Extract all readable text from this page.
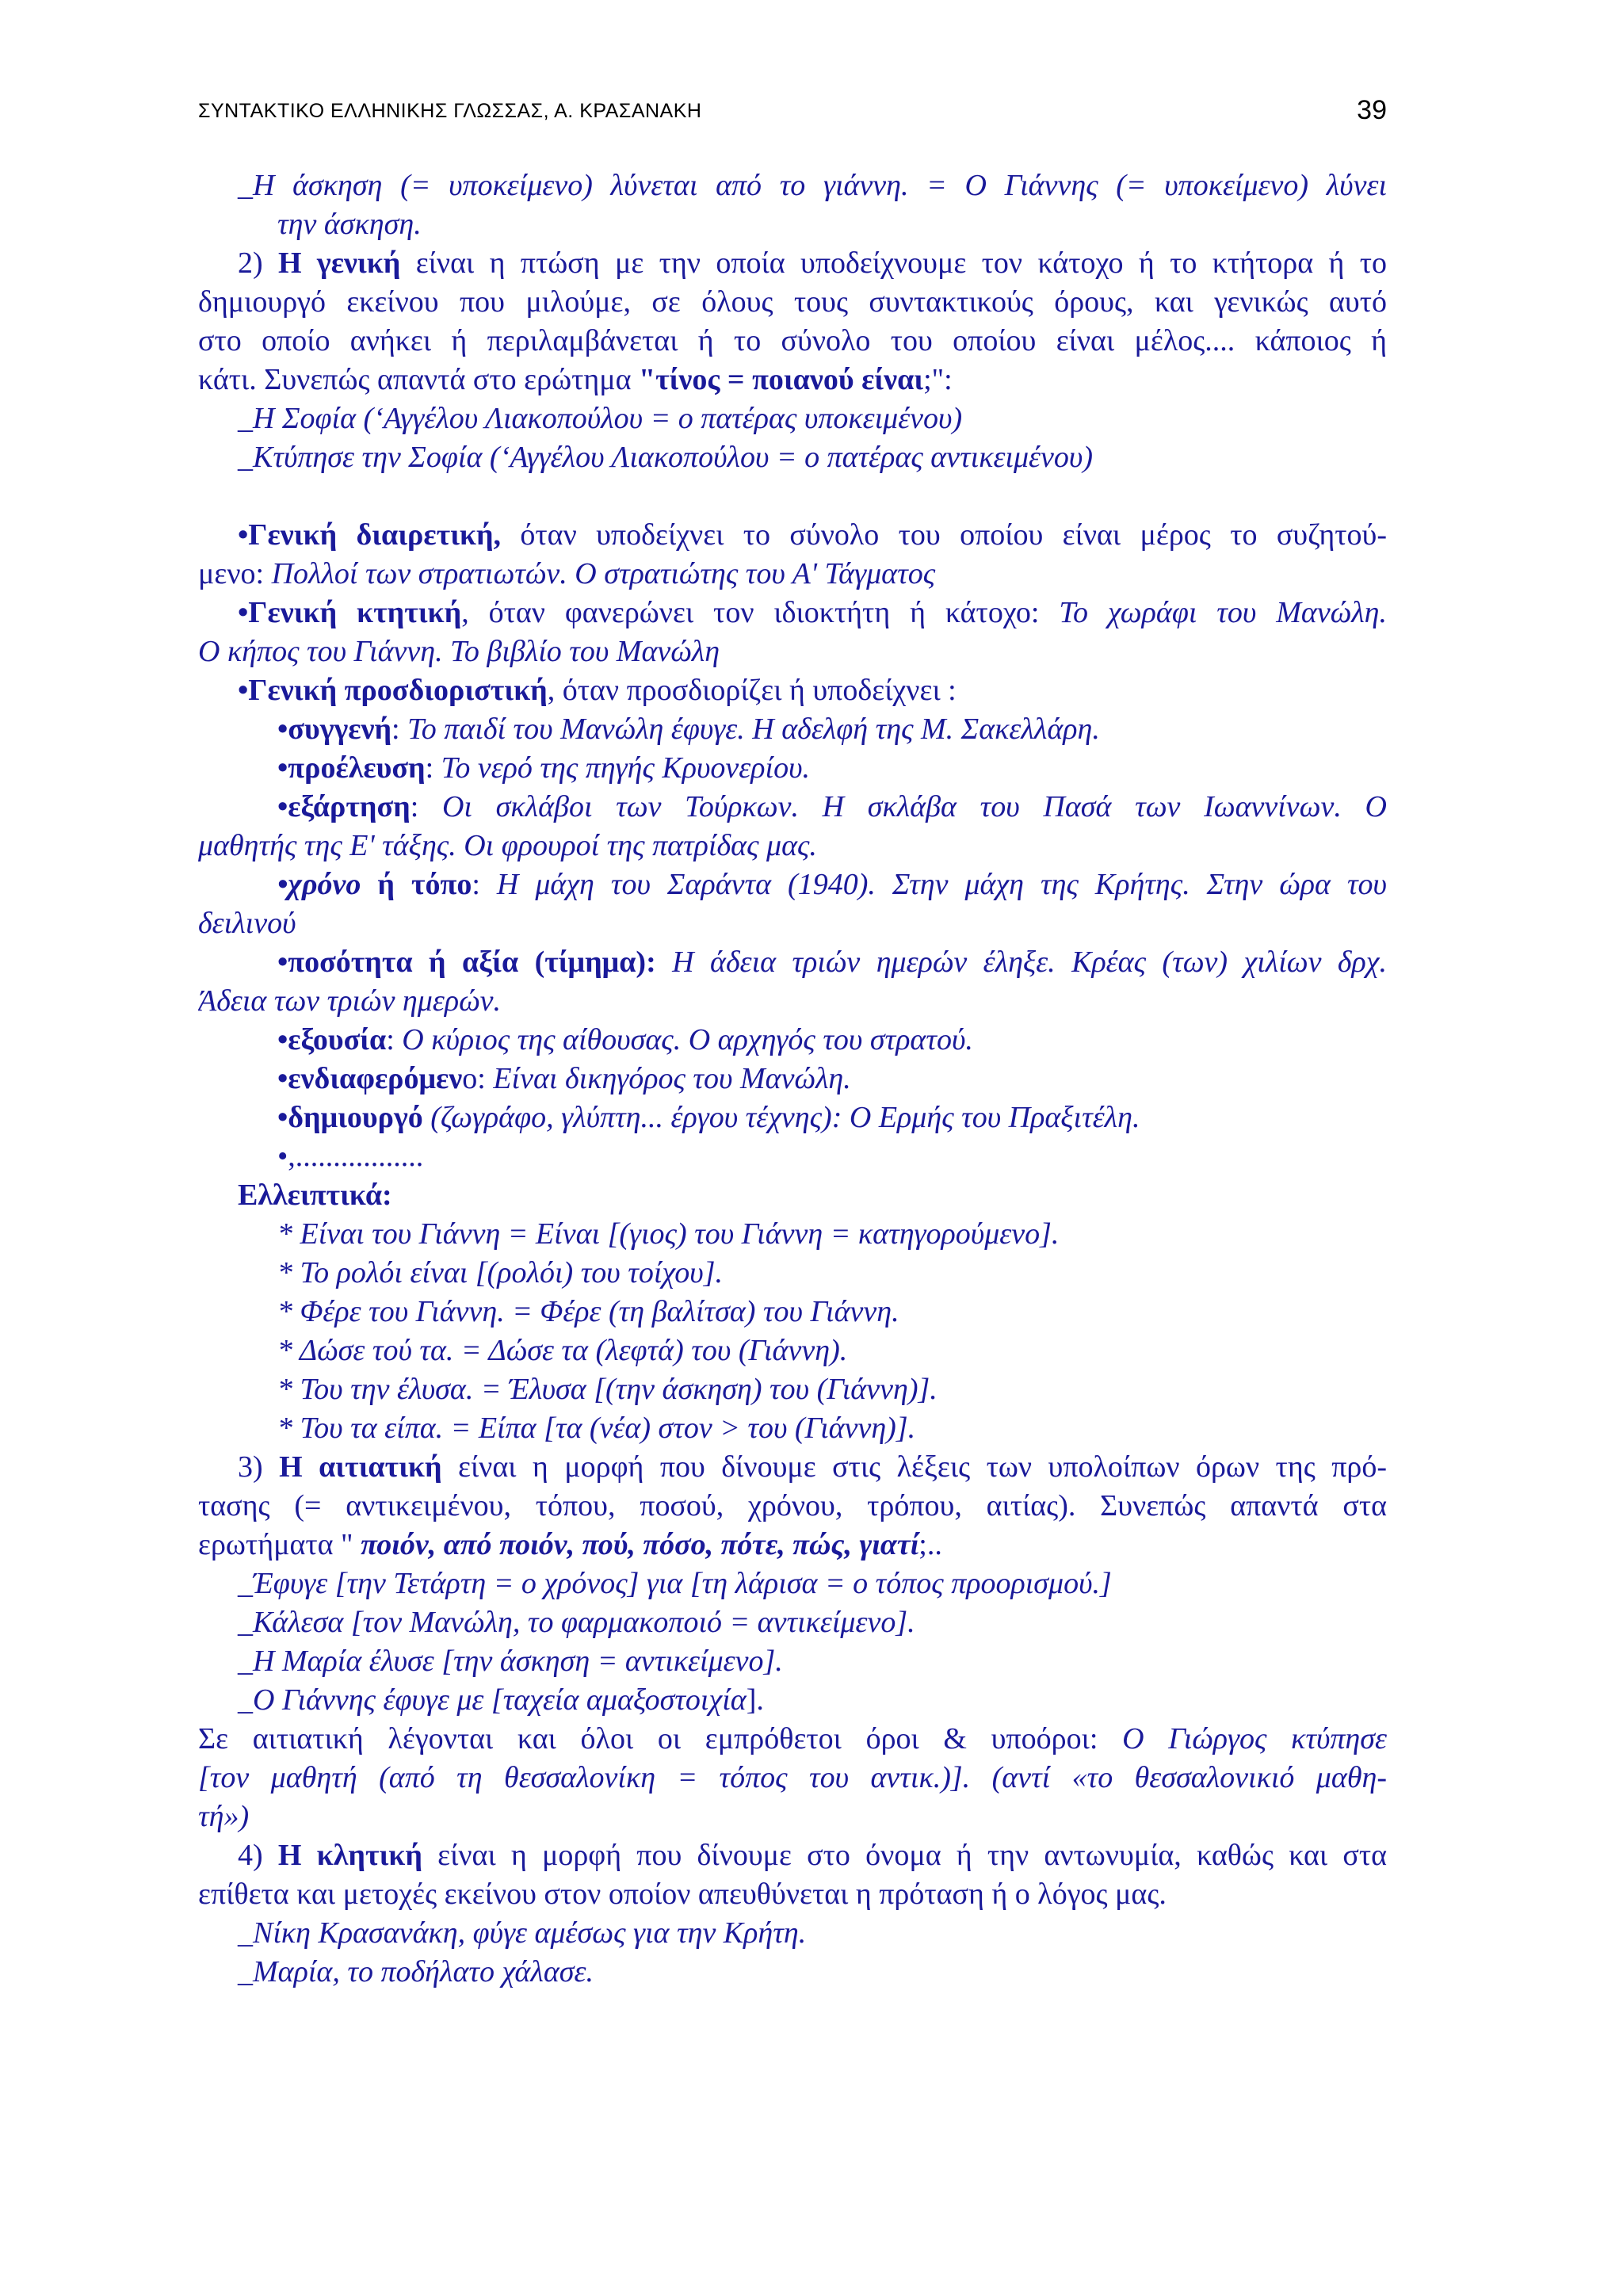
ΣΥΝΤΑΚΤΙΚΟ ΕΛΛΗΝΙΚΗΣ ΓΛΩΣΣΑΣ, Α. ΚΡΑΣΑΝΑΚΗ	39
_Η άσκηση (= υποκείμενο) λύνεται από το γιάννη. = Ο Γιάννης (= υποκείμενο) λύνει
την άσκηση.
2) Η γενική είναι η πτώση με την οποία υποδείχνουμε τον κάτοχο ή το κτήτορα ή το
δημιουργό εκείνου που μιλούμε, σε όλους τους συντακτικούς όρους, και γενικώς αυτό
στο οποίο ανήκει ή περιλαμβάνεται ή το σύνολο του οποίου είναι μέλος.... κάποιος ή
κάτι. Συνεπώς απαντά στο ερώτημα "τίνος = ποιανού είναι;":
_Η Σοφία (‘Αγγέλου Λιακοπούλου = ο πατέρας υποκειμένου)
_Κτύπησε την Σοφία (‘Αγγέλου Λιακοπούλου = ο πατέρας αντικειμένου)
•Γενική διαιρετική, όταν υποδείχνει το σύνολο του οποίου είναι μέρος το συζητού-
μενο: Πολλοί των στρατιωτών. Ο στρατιώτης του Α' Τάγματος
•Γενική κτητική, όταν φανερώνει τον ιδιοκτήτη ή κάτοχο: Το χωράφι του Μανώλη.
Ο κήπος του Γιάννη. Το βιβλίο του Μανώλη
•Γενική προσδιοριστική, όταν προσδιορίζει ή υποδείχνει :
•συγγενή: Το παιδί του Μανώλη έφυγε. Η αδελφή της Μ. Σακελλάρη.
•προέλευση: Το νερό της πηγής Κρυονερίου.
•εξάρτηση: Οι σκλάβοι των Τούρκων. Η σκλάβα του Πασά των Ιωαννίνων. Ο
μαθητής της Ε' τάξης. Οι φρουροί της πατρίδας μας.
•χρόνο ή τόπο: Η μάχη του Σαράντα (1940). Στην μάχη της Κρήτης. Στην ώρα του
δειλινού
•ποσότητα ή αξία (τίμημα): Η άδεια τριών ημερών έληξε. Κρέας (των) χιλίων δρχ.
Άδεια των τριών ημερών.
•εξουσία: Ο κύριος της αίθουσας. Ο αρχηγός του στρατού.
•ενδιαφερόμενο: Είναι δικηγόρος του Μανώλη.
•δημιουργό (ζωγράφο, γλύπτη... έργου τέχνης): Ο Ερμής του Πραξιτέλη.
•,.................
Ελλειπτικά:
* Είναι του Γιάννη = Είναι [(γιος) του Γιάννη = κατηγορούμενο].
* Το ρολόι είναι [(ρολόι) του τοίχου].
* Φέρε του Γιάννη. = Φέρε (τη βαλίτσα) του Γιάννη.
* Δώσε τού τα. = Δώσε τα (λεφτά) του (Γιάννη).
* Του την έλυσα. = Έλυσα [(την άσκηση) του (Γιάννη)].
* Του τα είπα. = Είπα [τα (νέα) στον > του (Γιάννη)].
3) Η αιτιατική είναι η μορφή που δίνουμε στις λέξεις των υπολοίπων όρων της πρό-
τασης (= αντικειμένου, τόπου, ποσού, χρόνου, τρόπου, αιτίας). Συνεπώς απαντά στα
ερωτήματα " ποιόν, από ποιόν, πού, πόσο, πότε, πώς, γιατί;..
_Έφυγε [την Τετάρτη = ο χρόνος] για [τη λάρισα = ο τόπος προορισμού.]
_Κάλεσα [τον Μανώλη, το φαρμακοποιό = αντικείμενο].
_Η Μαρία έλυσε [την άσκηση = αντικείμενο].
_Ο Γιάννης έφυγε με [ταχεία αμαξοστοιχία].
Σε αιτιατική λέγονται και όλοι οι εμπρόθετοι όροι & υπoόροι: Ο Γιώργος κτύπησε
[τον μαθητή (από τη θεσσαλονίκη = τόπος του αντικ.)]. (αντί «το θεσσαλονικιό μαθη-
τή»)
4) Η κλητική είναι η μορφή που δίνουμε στο όνομα ή την αντωνυμία, καθώς και στα
επίθετα και μετοχές εκείνου στον οποίον απευθύνεται η πρόταση ή ο λόγος μας.
_Νίκη Κρασανάκη, φύγε αμέσως για την Κρήτη.
_Μαρία, το ποδήλατο χάλασε.
